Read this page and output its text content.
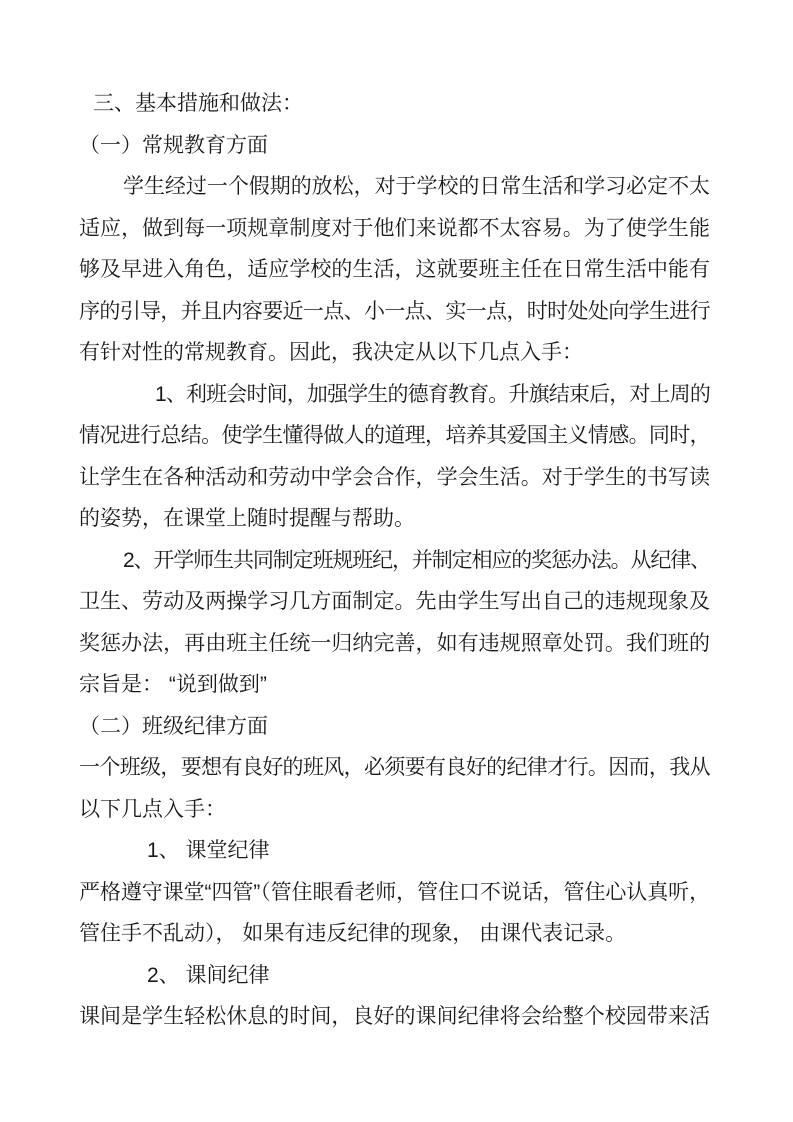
三、基本措施和做法：
（一）常规教育方面
学生经过一个假期的放松，对于学校的日常生活和学习必定不太
适应，做到每一项规章制度对于他们来说都不太容易。为了使学生能
够及早进入角色，适应学校的生活，这就要班主任在日常生活中能有
序的引导，并且内容要近一点、小一点、实一点，时时处处向学生进行
有针对性的常规教育。因此，我决定从以下几点入手：
1、利班会时间，加强学生的德育教育。升旗结束后，对上周的
情况进行总结。使学生懂得做人的道理，培养其爱国主义情感。同时，
让学生在各种活动和劳动中学会合作，学会生活。对于学生的书写读
的姿势，在课堂上随时提醒与帮助。
2、开学师生共同制定班规班纪，并制定相应的奖惩办法。从纪律、
卫生、劳动及两操学习几方面制定。先由学生写出自己的违规现象及
奖惩办法，再由班主任统一归纳完善，如有违规照章处罚。我们班的
宗旨是： “说到做到”
（二）班级纪律方面
一个班级，要想有良好的班风，必须要有良好的纪律才行。因而，我从
以下几点入手：
1、 课堂纪律
严格遵守课堂“四管”（管住眼看老师，管住口不说话，管住心认真听，
管住手不乱动）， 如果有违反纪律的现象， 由课代表记录。
2、 课间纪律
课间是学生轻松休息的时间，良好的课间纪律将会给整个校园带来活
